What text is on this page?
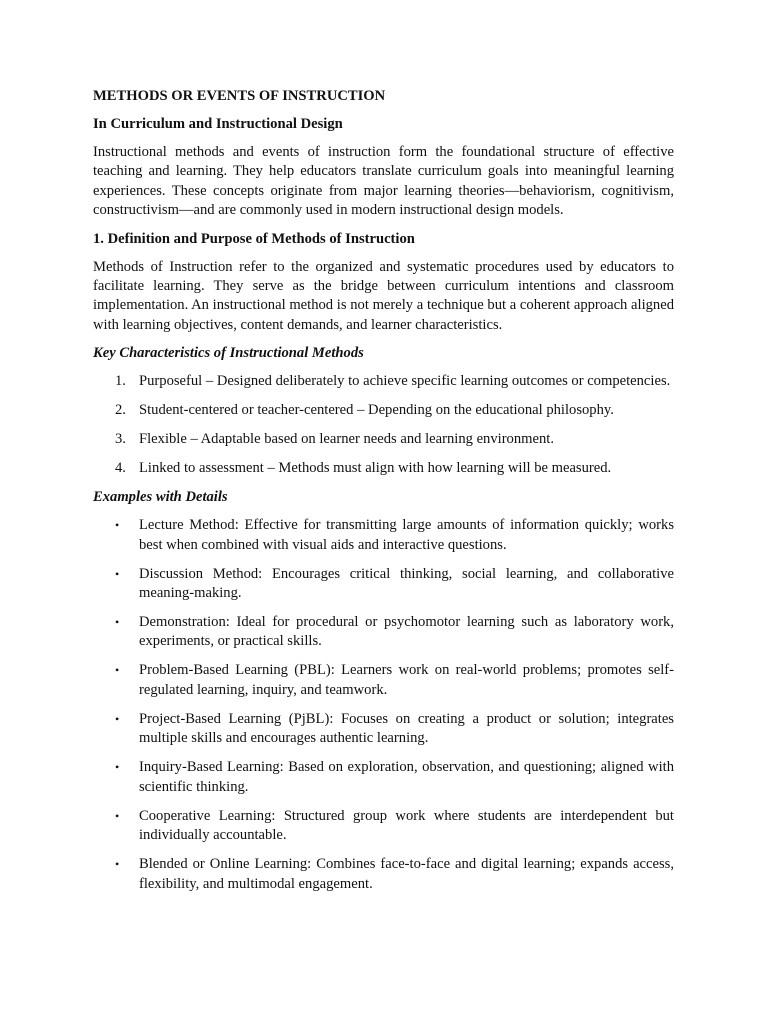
METHODS OR EVENTS OF INSTRUCTION
In Curriculum and Instructional Design

Instructional methods and events of instruction form the foundational structure of effective teaching and learning. They help educators translate curriculum goals into meaningful learning experiences. These concepts originate from major learning theories—behaviorism, cognitivism, constructivism—and are commonly used in modern instructional design models.

1. Definition and Purpose of Methods of Instruction

Methods of Instruction refer to the organized and systematic procedures used by educators to facilitate learning. They serve as the bridge between curriculum intentions and classroom implementation. An instructional method is not merely a technique but a coherent approach aligned with learning objectives, content demands, and learner characteristics.

Key Characteristics of Instructional Methods
1. Purposeful – Designed deliberately to achieve specific learning outcomes or competencies.
2. Student-centered or teacher-centered – Depending on the educational philosophy.
3. Flexible – Adaptable based on learner needs and learning environment.
4. Linked to assessment – Methods must align with how learning will be measured.
Examples with Details
•	Lecture Method: Effective for transmitting large amounts of information quickly; works best when combined with visual aids and interactive questions.
•	Discussion Method: Encourages critical thinking, social learning, and collaborative meaning-making.
•	Demonstration: Ideal for procedural or psychomotor learning such as laboratory work, experiments, or practical skills.
•	Problem-Based Learning (PBL): Learners work on real-world problems; promotes self-regulated learning, inquiry, and teamwork.
•	Project-Based Learning (PjBL): Focuses on creating a product or solution; integrates multiple skills and encourages authentic learning.
•	Inquiry-Based Learning: Based on exploration, observation, and questioning; aligned with scientific thinking.
•	Cooperative Learning: Structured group work where students are interdependent but individually accountable.
•	Blended or Online Learning: Combines face-to-face and digital learning; expands access, flexibility, and multimodal engagement.
